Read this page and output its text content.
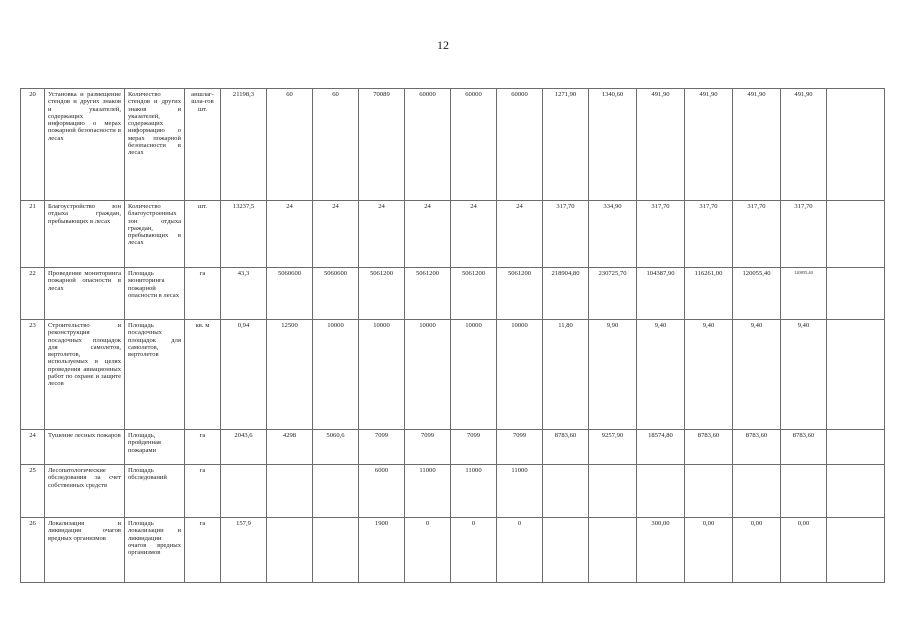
12
20	Установка и размещение стендов и других знаков и указателей, содержащих информацию о мерах пожарной безопасности в лесах	Количество стендов и других знаков и указателей, содержащих информацию о мерах пожарной безопасности в лесах	аншлаг-шла-гов шт.	21198,3	60	60	70089	60000	60000	60000	1271,90	1340,60	491,90	491,90	491,90	491,90	
21	Благоустройство зон отдыха граждан, пребывающих в лесах	Количество благоустроенных зон отдыха граждан, пребывающих в лесах	шт.	13237,5	24	24	24	24	24	24	317,70	334,90	317,70	317,70	317,70	317,70	
22	Проведение мониторинга пожарной опасности в лесах	Площадь мониторинга пожарной опасности в лесах	га	43,3	5060600	5060600	5061200	5061200	5061200	5061200	218904,80	230725,70	104387,90	116261,00	120055,40	120055,40	
23	Строительство и реконструкция посадочных площадок для самолетов, вертолетов, используемых в целях проведения авиационных работ по охране и защите лесов	Площадь посадочных площадок для самолетов, вертолетов	кв. м	0,94	12500	10000	10000	10000	10000	10000	11,80	9,90	9,40	9,40	9,40	9,40	
24	Тушение лесных пожаров	Площадь, пройденная пожарами	га	2043,6	4298	5060,6	7099	7099	7099	7099	8783,60	9257,90	18574,80	8783,60	8783,60	8783,60	
25	Лесопатологические обследования за счет собственных средств	Площадь обследований	га				6000	11000	11000	11000							
26	Локализация и ликвидация очагов вредных организмов	Площадь локализации и ликвидации очагов вредных организмов	га	157,9			1900	0	0	0			300,00	0,00	0,00	0,00	
